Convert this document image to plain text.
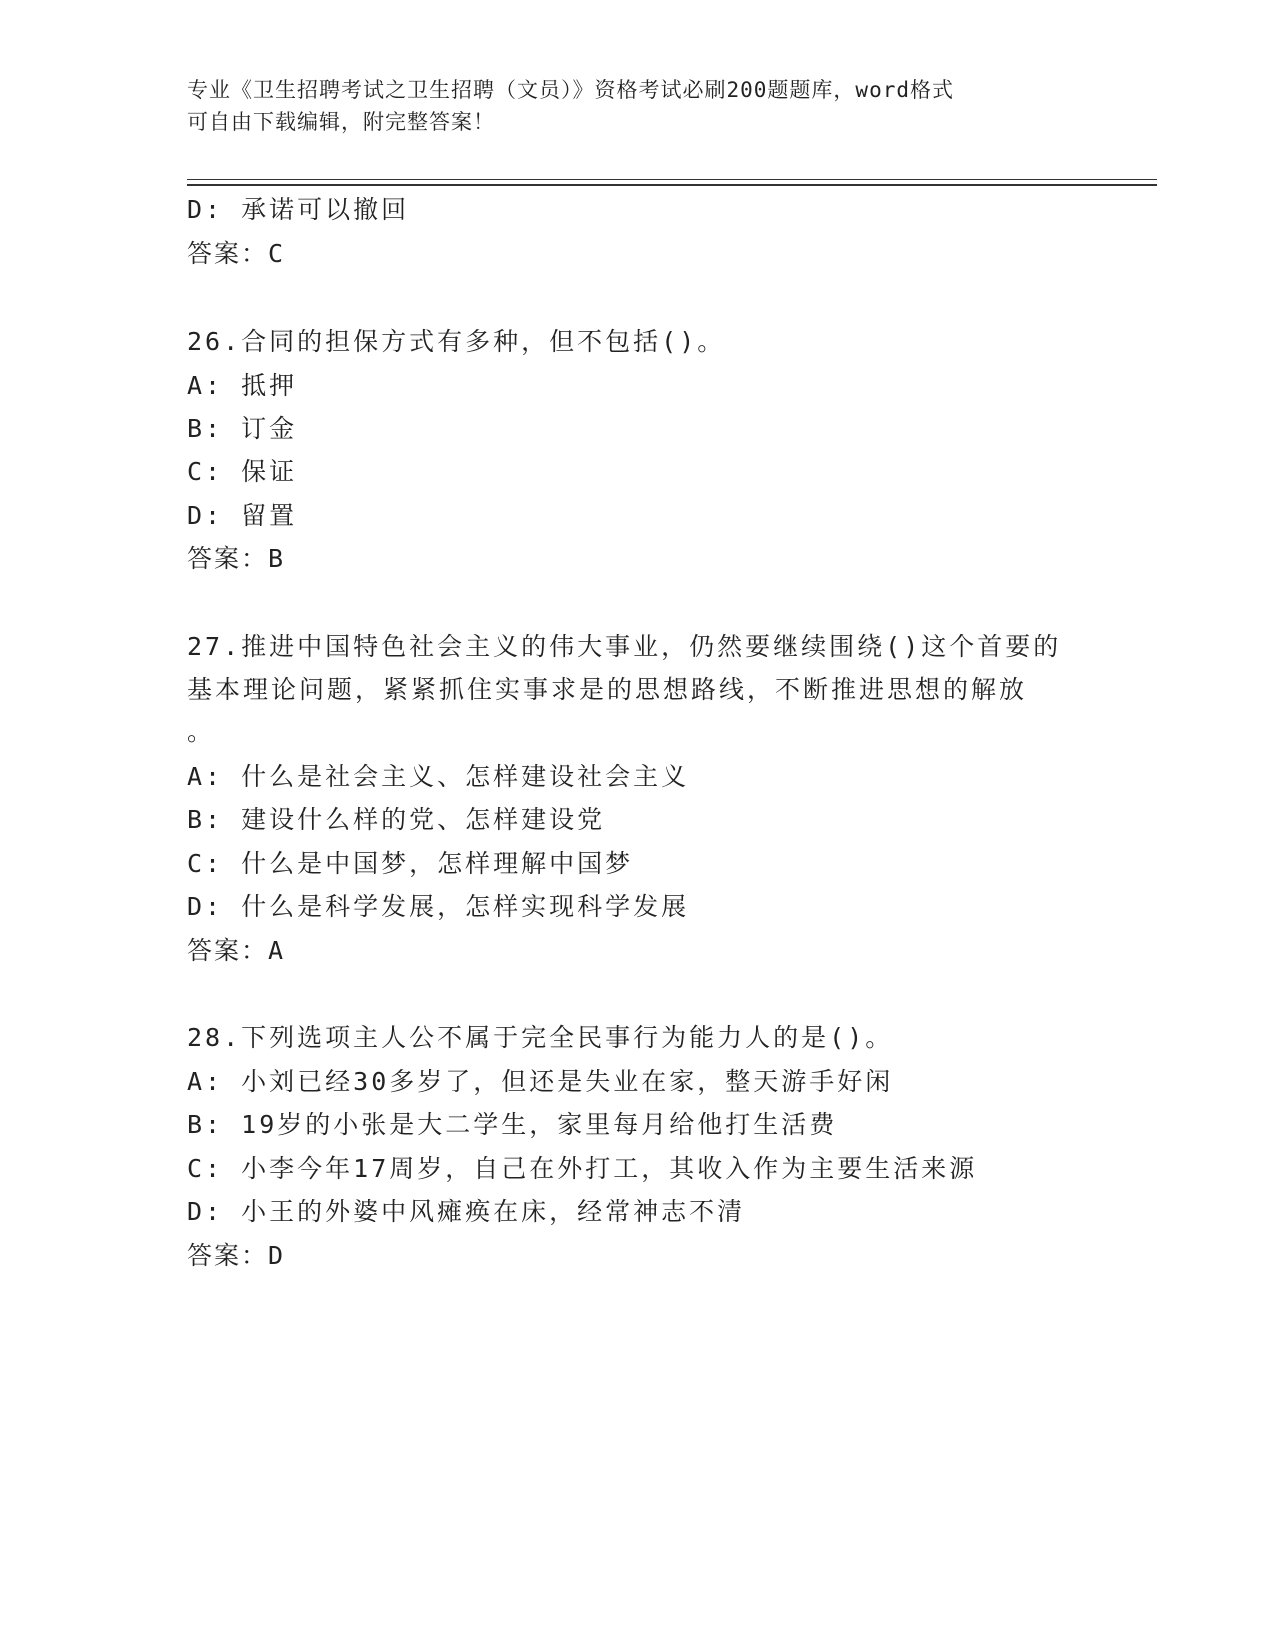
专业《卫生招聘考试之卫生招聘（文员）》资格考试必刷200题题库，word格式
可自由下载编辑，附完整答案！
D: 承诺可以撤回
答案：C
26.合同的担保方式有多种，但不包括()。
A: 抵押
B: 订金
C: 保证
D: 留置
答案：B
27.推进中国特色社会主义的伟大事业，仍然要继续围绕()这个首要的
基本理论问题，紧紧抓住实事求是的思想路线，不断推进思想的解放
。
A: 什么是社会主义、怎样建设社会主义
B: 建设什么样的党、怎样建设党
C: 什么是中国梦，怎样理解中国梦
D: 什么是科学发展，怎样实现科学发展
答案：A
28.下列选项主人公不属于完全民事行为能力人的是()。
A: 小刘已经30多岁了，但还是失业在家，整天游手好闲
B: 19岁的小张是大二学生，家里每月给他打生活费
C: 小李今年17周岁，自己在外打工，其收入作为主要生活来源
D: 小王的外婆中风瘫痪在床，经常神志不清
答案：D
